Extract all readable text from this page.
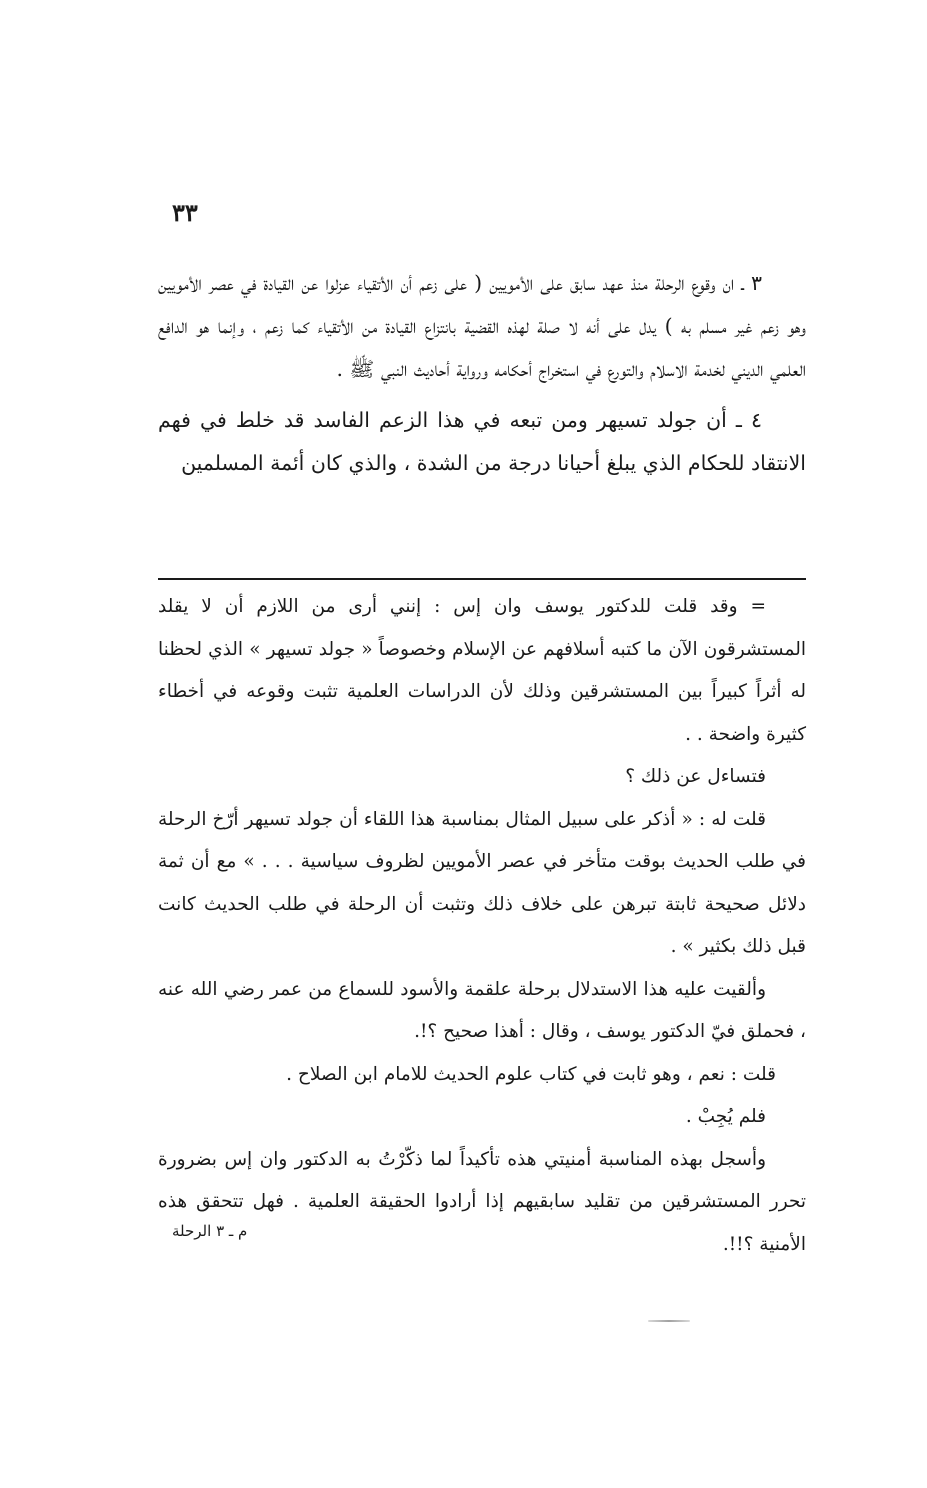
٣٣

٣ ـ ان وقوع الرحلة منذ عهد سابق على الأمويين ( على زعم أن الأتقياء عزلوا عن القيادة في عصر الأمويين وهو زعم غير مسلم به ) يدل على أنه لا صلة لهذه القضية بانتزاع القيادة من الأتقياء كما زعم ، وإنما هو الدافع العلمي الديني لخدمة الاسلام والتورع في استخراج أحكامه ورواية أحاديث النبي ﷺ .

٤ ـ أن جولد تسيهر ومن تبعه في هذا الزعم الفاسد قد خلط في فهم الانتقاد للحكام الذي يبلغ أحيانا درجة من الشدة ، والذي كان أئمة المسلمين

= وقد قلت للدكتور يوسف وان إس : إنني أرى من اللازم أن لا يقلد المستشرقون الآن ما كتبه أسلافهم عن الإسلام وخصوصاً « جولد تسيهر » الذي لحظنا له أثراً كبيراً بين المستشرقين وذلك لأن الدراسات العلمية تثبت وقوعه في أخطاء كثيرة واضحة . .

فتساءل عن ذلك ؟

قلت له : « أذكر على سبيل المثال بمناسبة هذا اللقاء أن جولد تسيهر أرّخ الرحلة في طلب الحديث بوقت متأخر في عصر الأمويين لظروف سياسية . . . » مع أن ثمة دلائل صحيحة ثابتة تبرهن على خلاف ذلك وتثبت أن الرحلة في طلب الحديث كانت قبل ذلك بكثير » .

وألقيت عليه هذا الاستدلال برحلة علقمة والأسود للسماع من عمر رضي الله عنه ، فحملق فيّ الدكتور يوسف ، وقال : أهذا صحيح ؟!.

قلت : نعم ، وهو ثابت في كتاب علوم الحديث للامام ابن الصلاح .

فلم يُجِبْ .

وأسجل بهذه المناسبة أمنيتي هذه تأكيداً لما ذكّرْتُ به الدكتور وان إس بضرورة تحرر المستشرقين من تقليد سابقيهم إذا أرادوا الحقيقة العلمية . فهل تتحقق هذه الأمنية ؟!!.

م ـ ٣ الرحلة
